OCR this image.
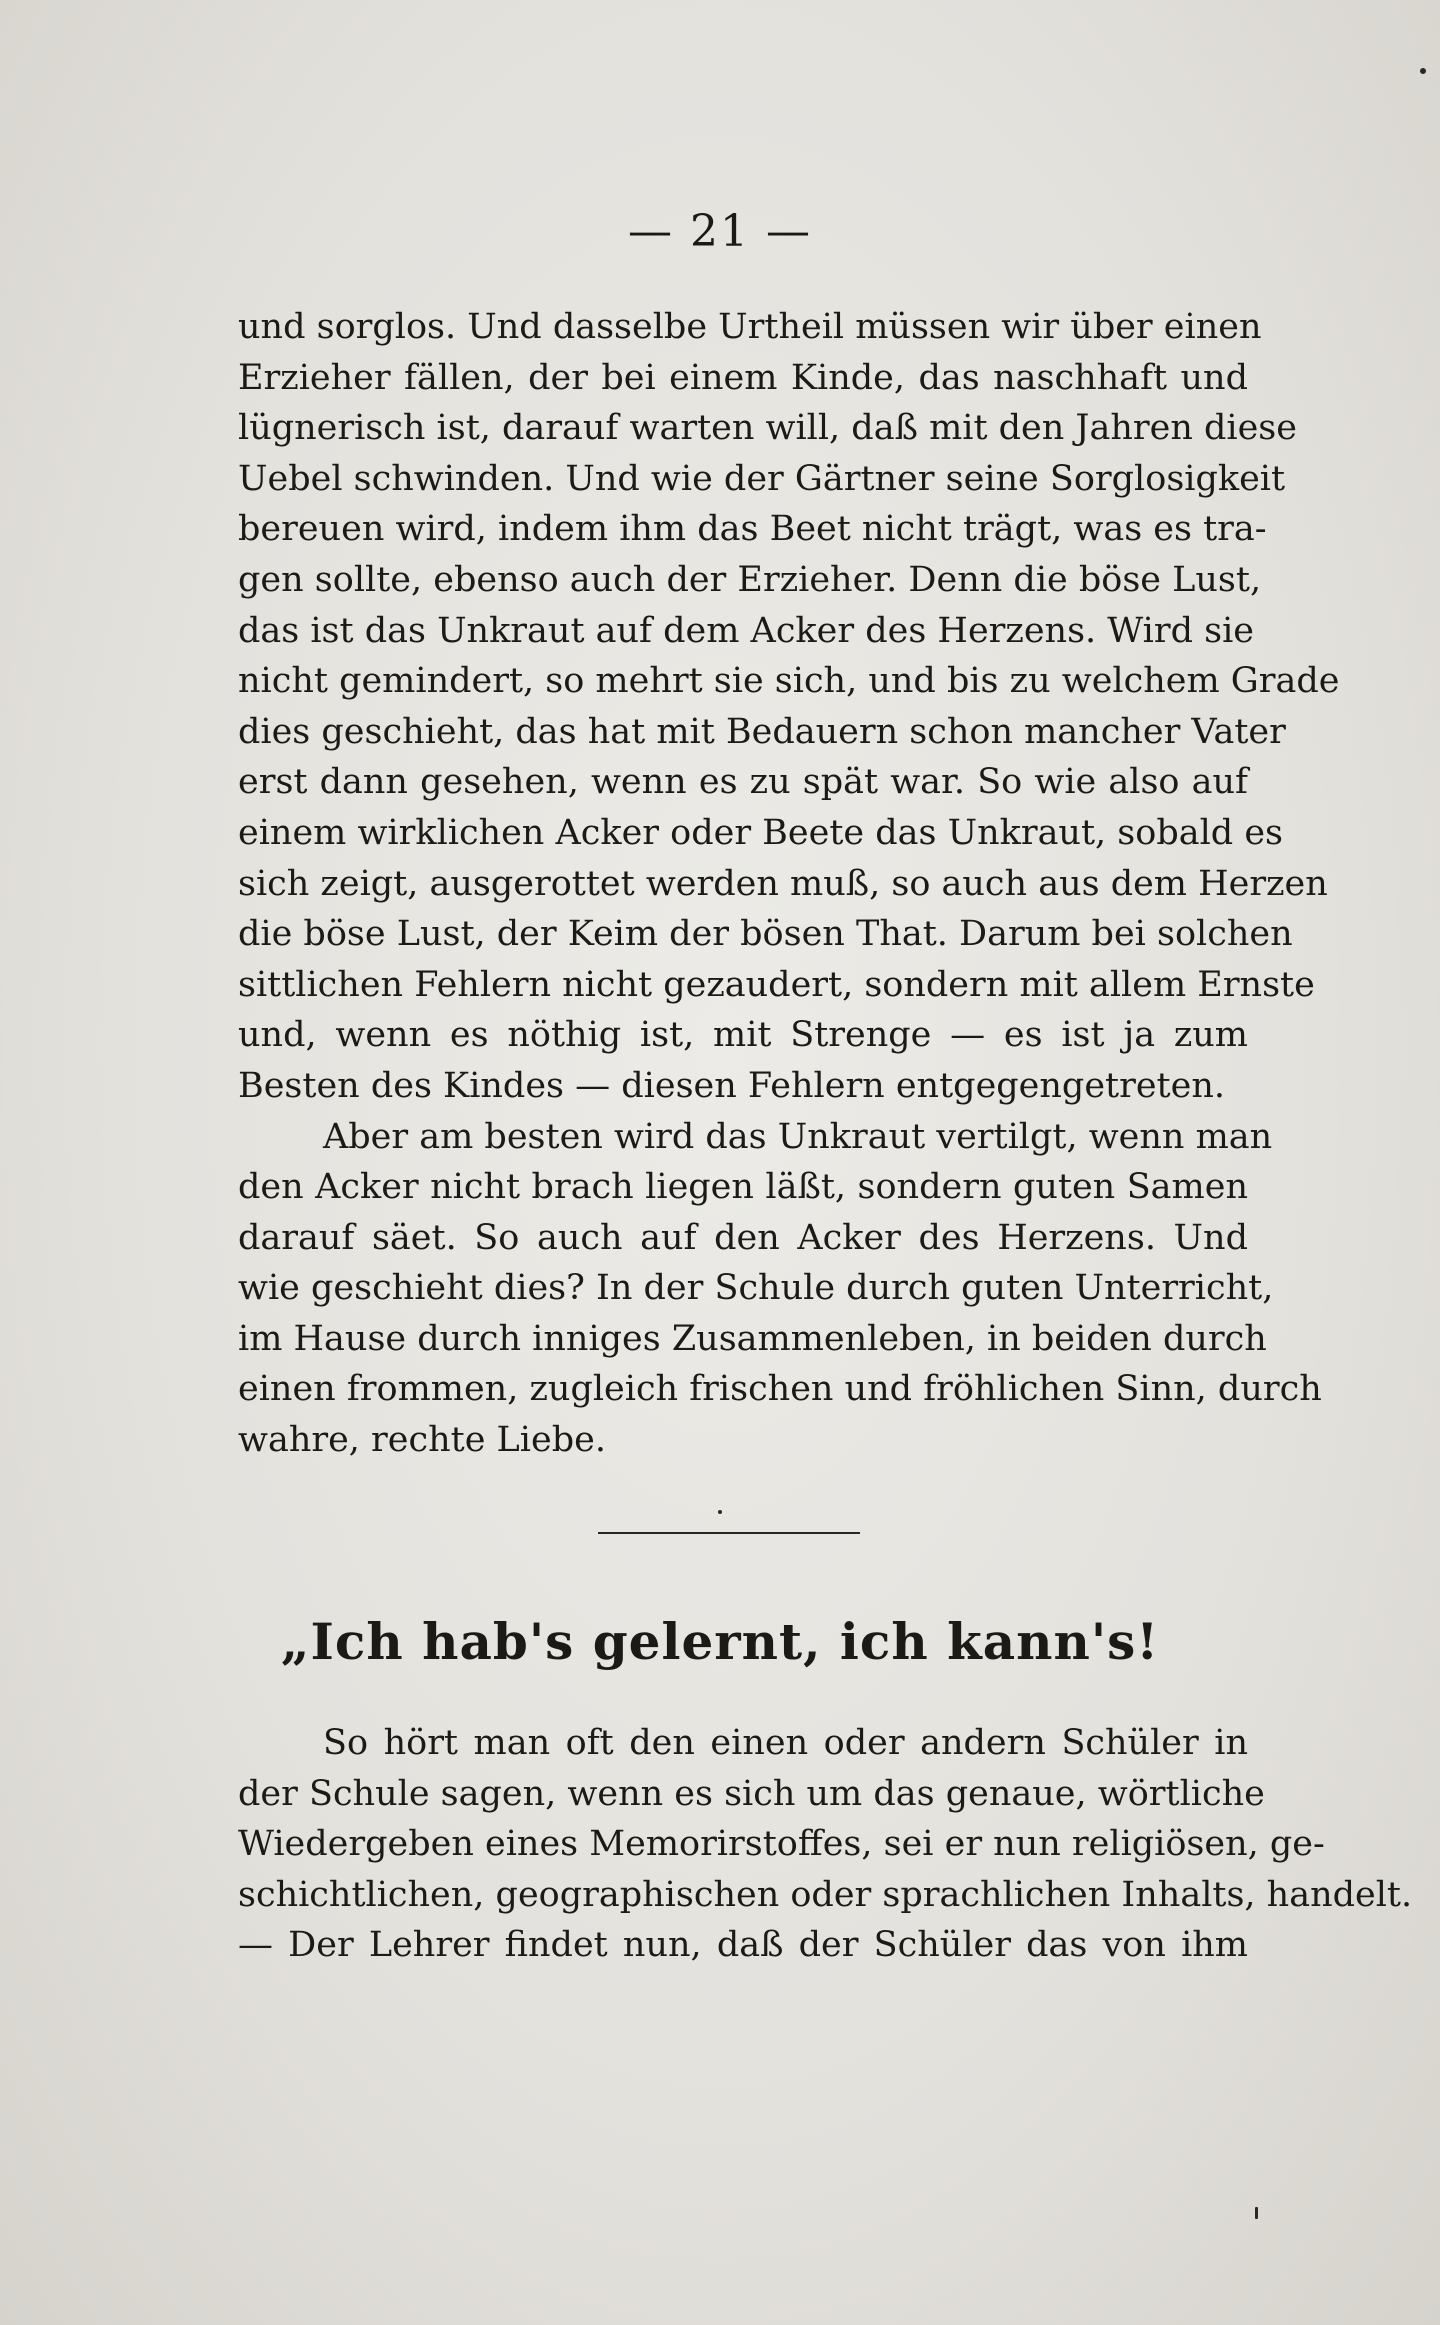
— 21 —
und sorglos. Und dasselbe Urtheil müssen wir über einen
Erzieher fällen, der bei einem Kinde, das naschhaft und
lügnerisch ist, darauf warten will, daß mit den Jahren diese
Uebel schwinden. Und wie der Gärtner seine Sorglosigkeit
bereuen wird, indem ihm das Beet nicht trägt, was es tra-
gen sollte, ebenso auch der Erzieher. Denn die böse Lust,
das ist das Unkraut auf dem Acker des Herzens. Wird sie
nicht gemindert, so mehrt sie sich, und bis zu welchem Grade
dies geschieht, das hat mit Bedauern schon mancher Vater
erst dann gesehen, wenn es zu spät war. So wie also auf
einem wirklichen Acker oder Beete das Unkraut, sobald es
sich zeigt, ausgerottet werden muß, so auch aus dem Herzen
die böse Lust, der Keim der bösen That. Darum bei solchen
sittlichen Fehlern nicht gezaudert, sondern mit allem Ernste
und, wenn es nöthig ist, mit Strenge — es ist ja zum
Besten des Kindes — diesen Fehlern entgegengetreten.
Aber am besten wird das Unkraut vertilgt, wenn man
den Acker nicht brach liegen läßt, sondern guten Samen
darauf säet. So auch auf den Acker des Herzens. Und
wie geschieht dies? In der Schule durch guten Unterricht,
im Hause durch inniges Zusammenleben, in beiden durch
einen frommen, zugleich frischen und fröhlichen Sinn, durch
wahre, rechte Liebe.
„Ich hab's gelernt, ich kann's!
So hört man oft den einen oder andern Schüler in
der Schule sagen, wenn es sich um das genaue, wörtliche
Wiedergeben eines Memorirstoffes, sei er nun religiösen, ge-
schichtlichen, geographischen oder sprachlichen Inhalts, handelt.
— Der Lehrer findet nun, daß der Schüler das von ihm
